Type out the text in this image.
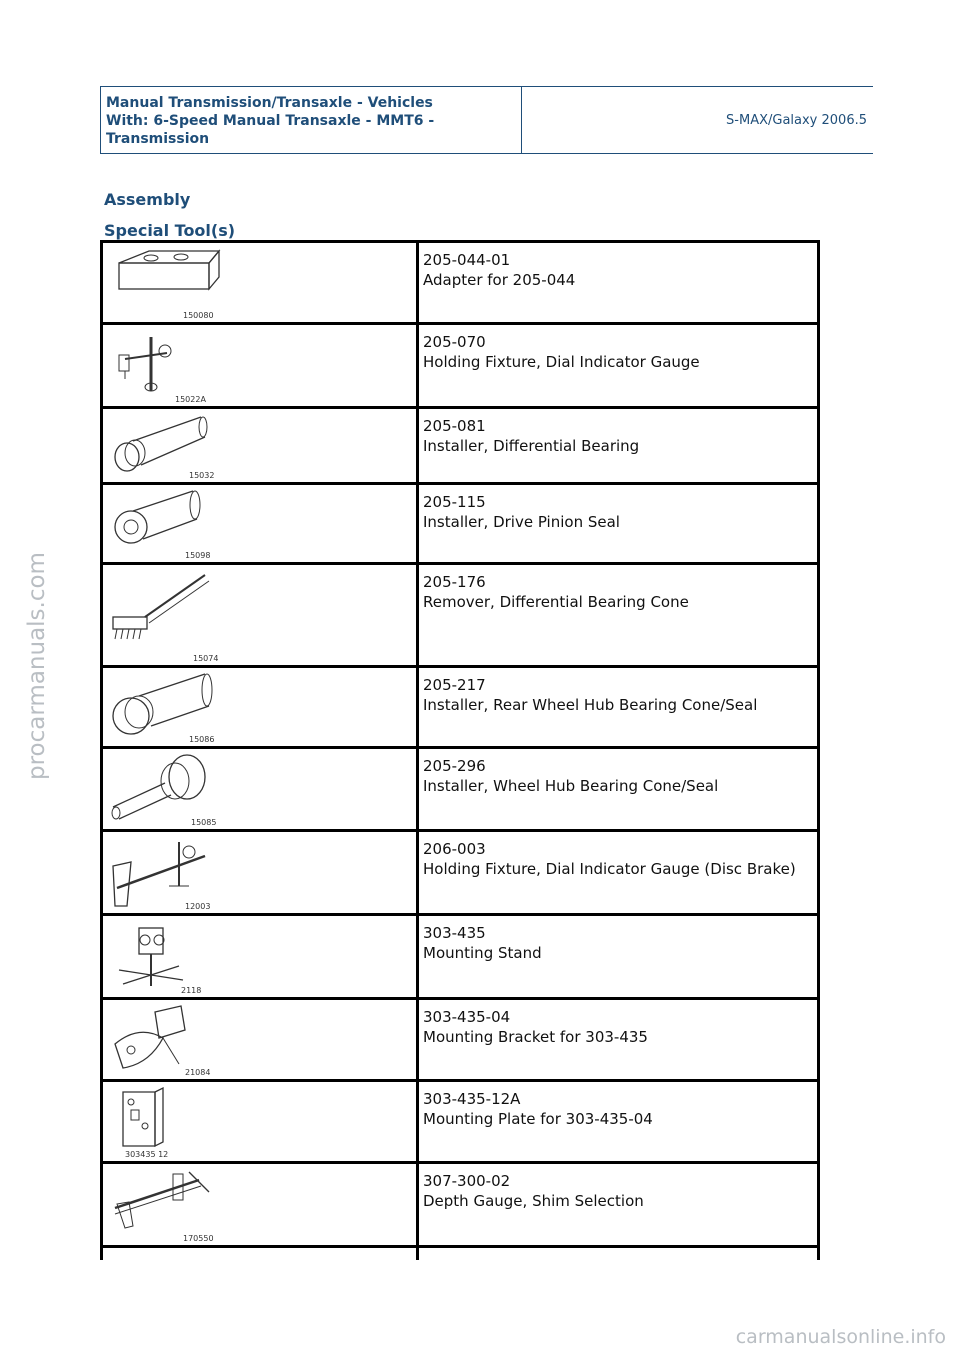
Manual Transmission/Transaxle - Vehicles
With: 6-Speed Manual Transaxle - MMT6 -
Transmission
S-MAX/Galaxy 2006.5
Assembly
Special Tool(s)
150080
205-044-01
Adapter for 205-044
15022A
205-070
Holding Fixture, Dial Indicator Gauge
15032
205-081
Installer, Differential Bearing
15098
205-115
Installer, Drive Pinion Seal
15074
205-176
Remover, Differential Bearing Cone
15086
205-217
Installer, Rear Wheel Hub Bearing Cone/Seal
15085
205-296
Installer, Wheel Hub Bearing Cone/Seal
12003
206-003
Holding Fixture, Dial Indicator Gauge (Disc Brake)
2118
303-435
Mounting Stand
21084
303-435-04
Mounting Bracket for 303-435
303435 12
303-435-12A
Mounting Plate for 303-435-04
170550
307-300-02
Depth Gauge, Shim Selection
procarmanuals.com
carmanualsonline.info
